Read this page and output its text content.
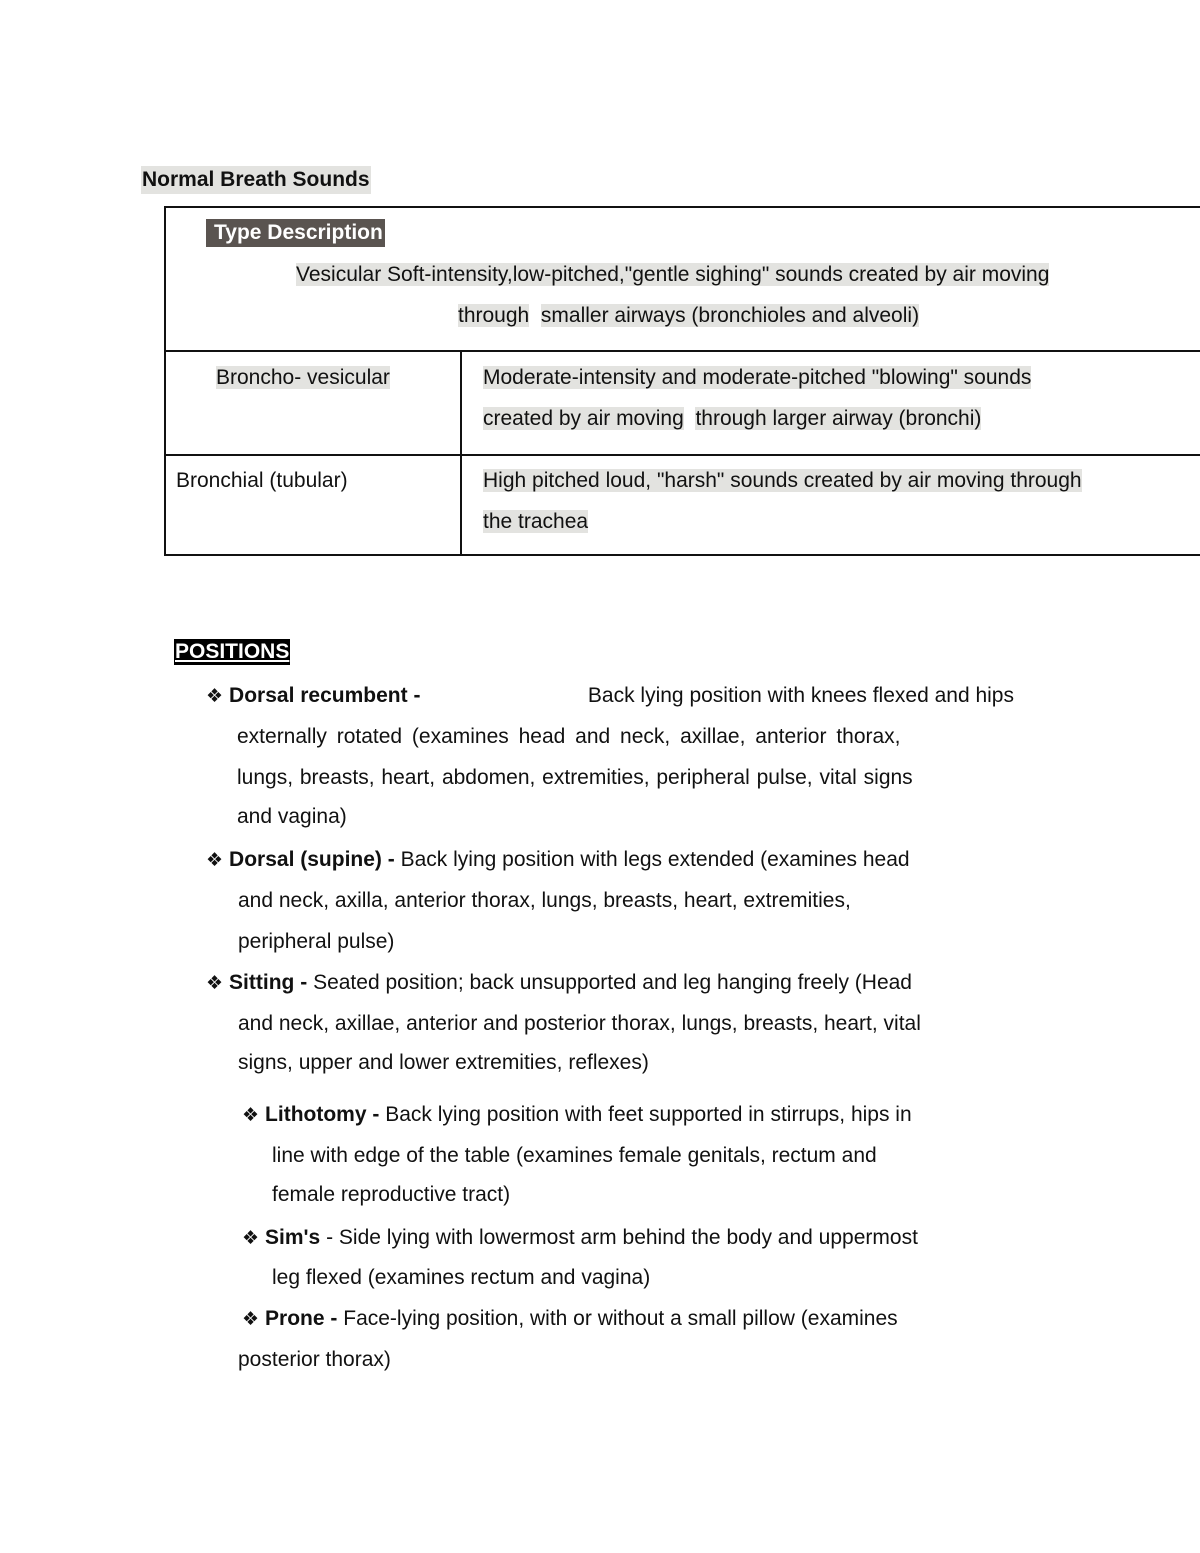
Normal Breath Sounds
Type Description
Vesicular Soft-intensity,low-pitched,"gentle sighing" sounds created by air moving
through smaller airways (bronchioles and alveoli)
Broncho- vesicular	Moderate-intensity and moderate-pitched "blowing" sounds
created by air moving through larger airway (bronchi)
Bronchial (tubular)	High pitched loud, "harsh" sounds created by air moving through
the trachea
POSITIONS
❖ Dorsal recumbent -	Back lying position with knees flexed and hips
externally rotated (examines head and neck, axillae, anterior thorax,
lungs, breasts, heart, abdomen, extremities, peripheral pulse, vital signs
and vagina)
❖ Dorsal (supine) - Back lying position with legs extended (examines head
and neck, axilla, anterior thorax, lungs, breasts, heart, extremities,
peripheral pulse)
❖ Sitting - Seated position; back unsupported and leg hanging freely (Head
and neck, axillae, anterior and posterior thorax, lungs, breasts, heart, vital
signs, upper and lower extremities, reflexes)
❖ Lithotomy - Back lying position with feet supported in stirrups, hips in
line with edge of the table (examines female genitals, rectum and
female reproductive tract)
❖ Sim's - Side lying with lowermost arm behind the body and uppermost
leg flexed (examines rectum and vagina)
❖ Prone - Face-lying position, with or without a small pillow (examines
posterior thorax)
